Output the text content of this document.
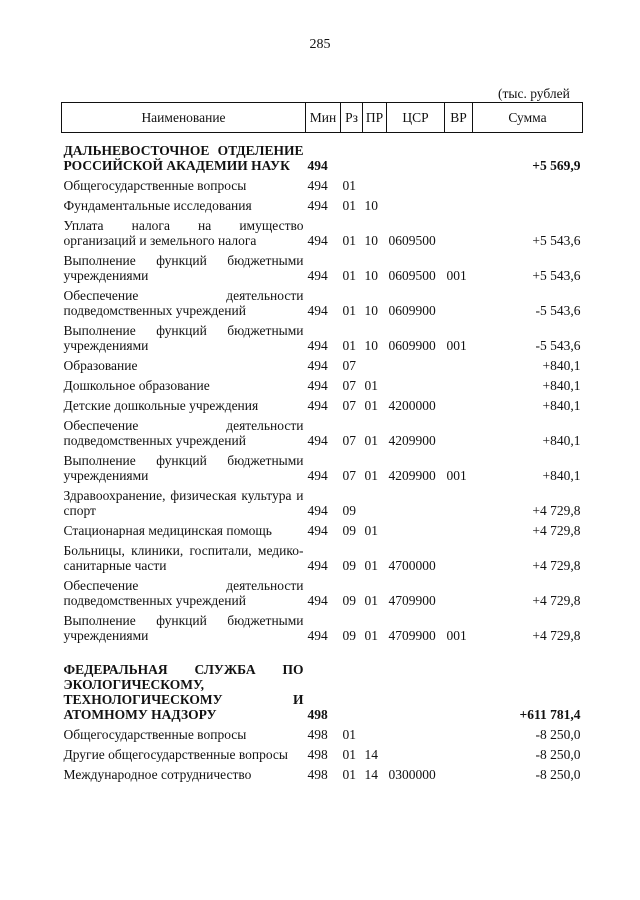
285
(тыс. рублей
Наименование	Мин	Рз	ПР	ЦСР	ВР	Сумма
ДАЛЬНЕВОСТОЧНОЕ ОТДЕЛЕНИЕ РОССИЙСКОЙ АКАДЕМИИ НАУК	494					+5 569,9
Общегосударственные вопросы	494	01				
Фундаментальные исследования	494	01	10			
Уплата налога на имущество организаций и земельного налога	494	01	10	0609500		+5 543,6
Выполнение функций бюджетными учреждениями	494	01	10	0609500	001	+5 543,6
Обеспечение деятельности подведомственных учреждений	494	01	10	0609900		-5 543,6
Выполнение функций бюджетными учреждениями	494	01	10	0609900	001	-5 543,6
Образование	494	07				+840,1
Дошкольное образование	494	07	01			+840,1
Детские дошкольные учреждения	494	07	01	4200000		+840,1
Обеспечение деятельности подведомственных учреждений	494	07	01	4209900		+840,1
Выполнение функций бюджетными учреждениями	494	07	01	4209900	001	+840,1
Здравоохранение, физическая культура и спорт	494	09				+4 729,8
Стационарная медицинская помощь	494	09	01			+4 729,8
Больницы, клиники, госпитали, медико-санитарные части	494	09	01	4700000		+4 729,8
Обеспечение деятельности подведомственных учреждений	494	09	01	4709900		+4 729,8
Выполнение функций бюджетными учреждениями	494	09	01	4709900	001	+4 729,8

ФЕДЕРАЛЬНАЯ СЛУЖБА ПО ЭКОЛОГИЧЕСКОМУ, ТЕХНОЛОГИЧЕСКОМУ И АТОМНОМУ НАДЗОРУ	498					+611 781,4
Общегосударственные вопросы	498	01				-8 250,0
Другие общегосударственные вопросы	498	01	14			-8 250,0
Международное сотрудничество	498	01	14	0300000		-8 250,0
